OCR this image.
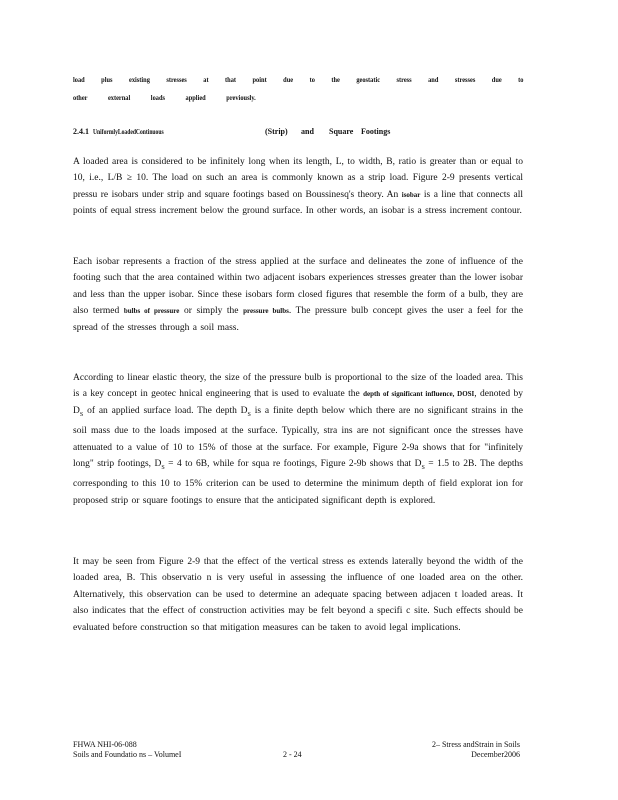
load plus existing stresses at that point due to the geostatic stress and stresses due to
other external loads applied previously.
2.4.1 UniformlyLoadedContinuous	(Strip) and Square Footings
A loaded area is considered to be infinitely long when its length, L, to width, B, ratio is greater than or equal to 10, i.e., L/B ≥ 10. The load on such an area is commonly known as a strip load. Figure 2-9 presents vertical pressu re isobars under strip and square footings based on Boussinesq's theory. An isobar is a line that connects all points of equal stress increment below the ground surface. In other words, an isobar is a stress increment contour.
Each isobar represents a fraction of the stress applied at the surface and delineates the zone of influence of the footing such that the area contained within two adjacent isobars experiences stresses greater than the lower isobar and less than the upper isobar. Since these isobars form closed figures that resemble the form of a bulb, they are also termed bulbs of pressure or simply the pressure bulbs. The pressure bulb concept gives the user a feel for the spread of the stresses through a soil mass.
According to linear elastic theory, the size of the pressure bulb is proportional to the size of the loaded area. This is a key concept in geotec hnical engineering that is used to evaluate the depth of significant influence, DOSI, denoted by $D_S$ of an applied surface load. The depth $D_S$ is a finite depth below which there are no significant strains in the soil mass due to the loads imposed at the surface. Typically, stra ins are not significant once the stresses have attenuated to a value of 10 to 15% of those at the surface. For example, Figure 2-9a shows that for "infinitely long" strip footings, $D_S = 4$ to 6B, while for squa re footings, Figure 2-9b shows that $D_S = 1.5$ to 2B. The depths corresponding to this 10 to 15% criterion can be used to determine the minimum depth of field explorat ion for proposed strip or square footings to ensure that the anticipated significant depth is explored.
It may be seen from Figure 2-9 that the effect of the vertical stress es extends laterally beyond the width of the loaded area, B. This observatio n is very useful in assessing the influence of one loaded area on the other. Alternatively, this observation can be used to determine an adequate spacing between adjacen t loaded areas. It also indicates that the effect of construction activities may be felt beyond a specifi c site. Such effects should be evaluated before construction so that mitigation measures can be taken to avoid legal implications.
FHWA NHI-06-088
Soils and Foundatio ns – VolumeI	2 - 24
2– Stress andStrain in Soils
December2006
